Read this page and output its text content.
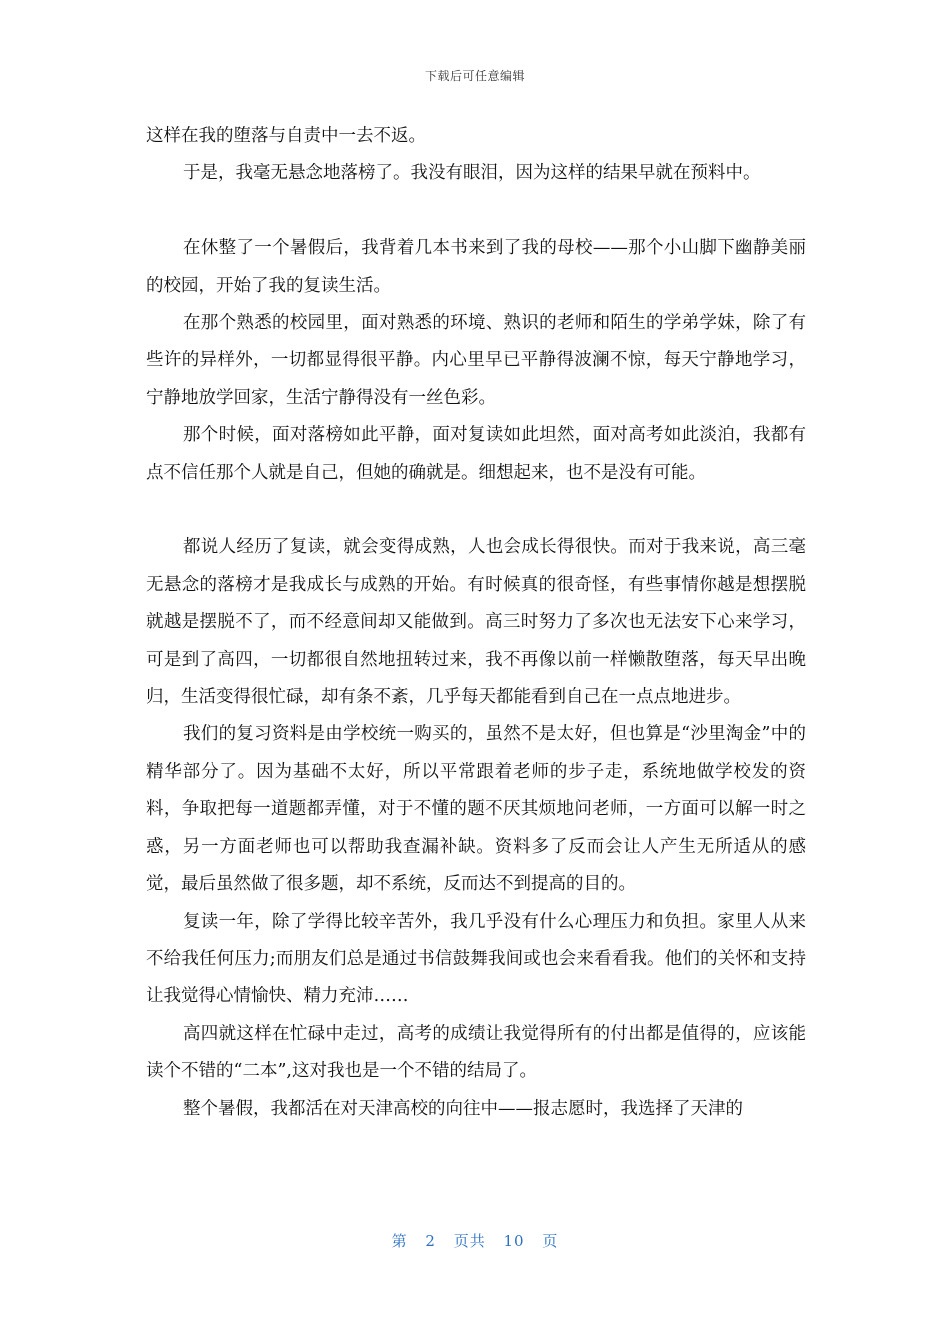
下载后可任意编辑

这样在我的堕落与自责中一去不返。

于是，我毫无悬念地落榜了。我没有眼泪，因为这样的结果早就在预料中。

在休整了一个暑假后，我背着几本书来到了我的母校——那个小山脚下幽静美丽的校园，开始了我的复读生活。

在那个熟悉的校园里，面对熟悉的环境、熟识的老师和陌生的学弟学妹，除了有些许的异样外，一切都显得很平静。内心里早已平静得波澜不惊，每天宁静地学习，宁静地放学回家，生活宁静得没有一丝色彩。

那个时候，面对落榜如此平静，面对复读如此坦然，面对高考如此淡泊，我都有点不信任那个人就是自己，但她的确就是。细想起来，也不是没有可能。

都说人经历了复读，就会变得成熟，人也会成长得很快。而对于我来说，高三毫无悬念的落榜才是我成长与成熟的开始。有时候真的很奇怪，有些事情你越是想摆脱就越是摆脱不了，而不经意间却又能做到。高三时努力了多次也无法安下心来学习，可是到了高四，一切都很自然地扭转过来，我不再像以前一样懒散堕落，每天早出晚归，生活变得很忙碌，却有条不紊，几乎每天都能看到自己在一点点地进步。

我们的复习资料是由学校统一购买的，虽然不是太好，但也算是“沙里淘金”中的精华部分了。因为基础不太好，所以平常跟着老师的步子走，系统地做学校发的资料，争取把每一道题都弄懂，对于不懂的题不厌其烦地问老师，一方面可以解一时之惑，另一方面老师也可以帮助我查漏补缺。资料多了反而会让人产生无所适从的感觉，最后虽然做了很多题，却不系统，反而达不到提高的目的。

复读一年，除了学得比较辛苦外，我几乎没有什么心理压力和负担。家里人从来不给我任何压力;而朋友们总是通过书信鼓舞我间或也会来看看我。他们的关怀和支持让我觉得心情愉快、精力充沛……

高四就这样在忙碌中走过，高考的成绩让我觉得所有的付出都是值得的，应该能读个不错的“二本”,这对我也是一个不错的结局了。

整个暑假，我都活在对天津高校的向往中——报志愿时，我选择了天津的

第 2 页共 10 页
